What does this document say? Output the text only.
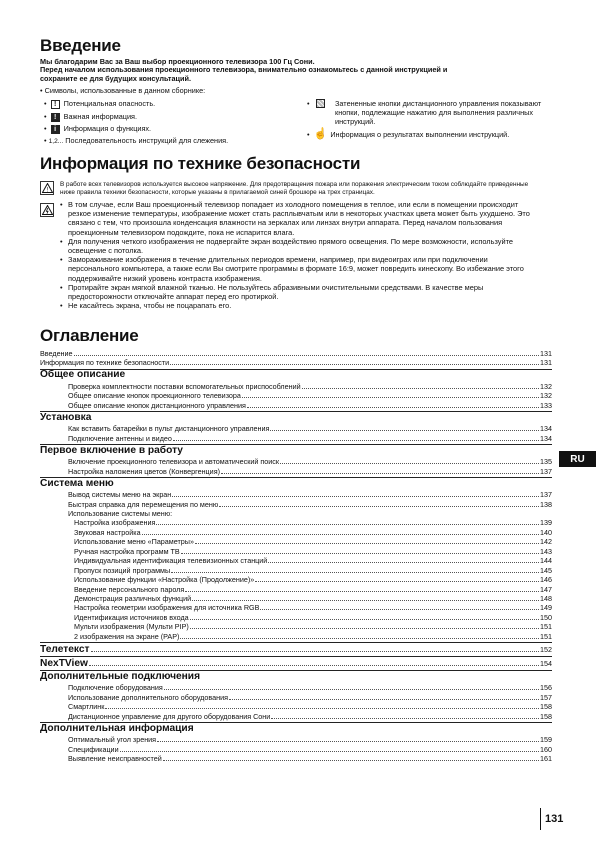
Введение
Мы благодарим Вас за Ваш выбор проекционного телевизора 100 Гц Сони.
Перед началом использования проекционного телевизора, внимательно ознакомьтесь с данной инструкцией и
сохраните ее для будущих консультаций.
• Символы, использованные в данном сборнике:
•  ! Потенциальная опасность.
•  ! Важная информация.
•  i Информация о функциях.
• 1,2... Последовательность инструкций для слежения.
•	Затененные кнопки дистанционного управления показывают кнопки, подлежащие нажатию для выполнения различных инструкций.
•  ☝ Информация о результатах выполнении инструкций.
Информация по технике безопасности
!

В работе всех телевизоров используется высокое напряжение. Для предотвращения пожара или поражения электрическим током соблюдайте приведенные ниже правила техники безопасности, которые указаны в прилагаемой синей брошюре на трех страницах.

• В том случае, если Ваш проекционный телевизор попадает из холодного помещения в теплое, или если в помещении происходит резкое изменение температуры, изображение может стать расплывчатым или в некоторых участках цвета может быть ухудшено. Это связано с тем, что произошла конденсация влажности на зеркалах или линзах внутри аппарата. Перед началом пользования проекционным телевизором подождите, пока не испарится влага.
• Для получения четкого изображения не подвергайте экран воздействию прямого освещения. По мере возможности, используйте освещение с потолка.
• Замораживание изображения в течение длительных периодов времени, например, при видеоиграх или при подключении персонального компьютера, а также если Вы смотрите программы в формате 16:9, может повредить кинескопу. Во избежание этого поддерживайте низкий уровень контраста изображения.
• Протирайте экран мягкой влажной тканью. Не пользуйтесь абразивными очистительными средствами. В качестве меры предосторожности отключайте аппарат перед его протиркой.
• Не касайтесь экрана, чтобы не поцарапать его.
Оглавление
Введение	131
Информация по технике безопасности	131
Общее описание
Проверка комплектности поставки вспомогательных приспособлений	132
Общее описание кнопок проекционного телевизора	132
Общее описание кнопок дистанционного управления	133
Установка
Как вставить батарейки в пульт дистанционного управления	134
Подключение антенны и видео	134
Первое включение в работу
Включение проекционного телевизора и автоматический поиск	135
Настройка наложения цветов (Конвергенция)	137
Система меню
Вывод системы меню на экран	137
Быстрая справка для перемещения по меню	138
Использование системы меню:
Настройка изображения	139
Звуковая настройка	140
Использование меню «Параметры»	142
Ручная настройка программ ТВ	143
Индивидуальная идентификация телевизионных станций	144
Пропуск позиций программы	145
Использование функции «Настройка (Продолжение)»	146
Введение персонального пароля	147
Демонстрация различных функций	148
Настройка геометрии изображения для источника RGB	149
Идентификация источников входа	150
Мульти изображения (Мульти PIP)	151
2 изображения на экране (PAP)	151
Телетекст	152
NexTView	154
Дополнительные подключения
Подключение оборудования	156
Использование дополнительного оборудования	157
Смартлинк	158
Дистанционное управление для другого оборудования Сони	158
Дополнительная информация
Оптимальный угол зрения	159
Спецификации	160
Выявление неисправностей	161
RU
131
